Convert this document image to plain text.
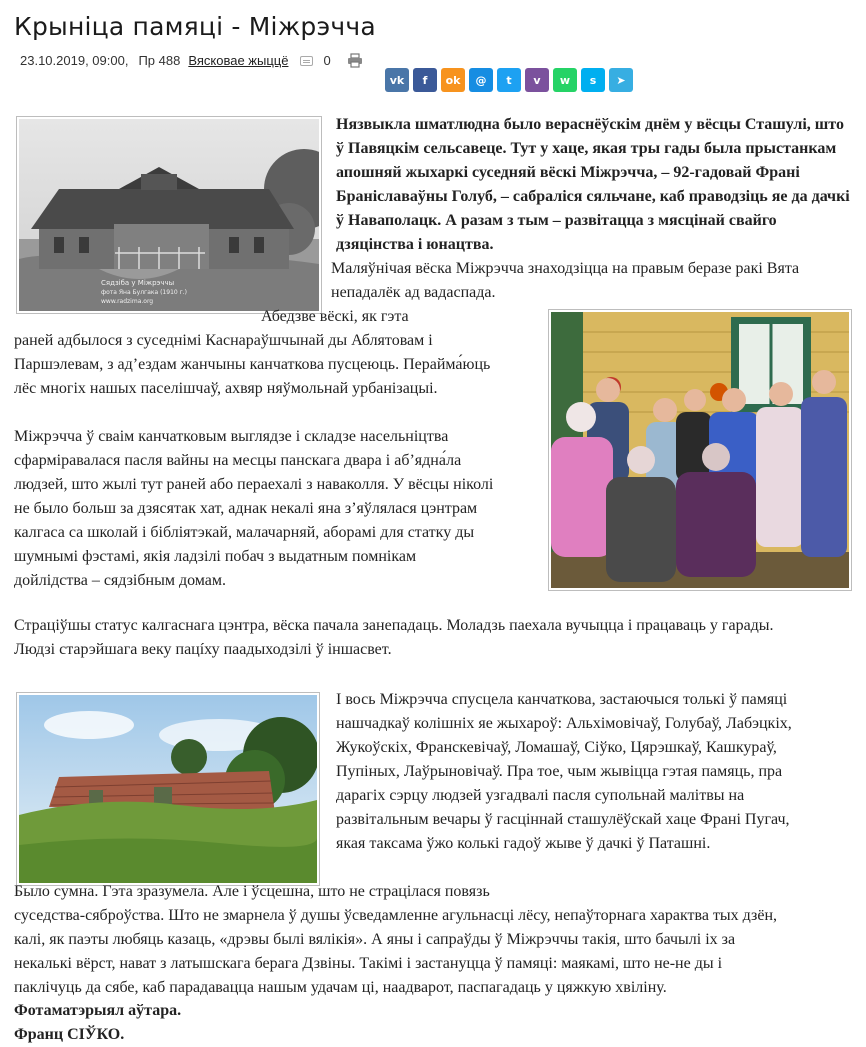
Крыніца памяці - Міжрэчча
23.10.2019, 09:00, Пр 488 Вясковае жыццё	0
vk	f	ok	@	t	v	w	s	➤
Сядзіба у Міжрэччы
фота Яна Булгака (1910 г.)
www.radzima.org
Нязвыкла шматлюдна было вераснёўскім днём у вёсцы Сташулі, што
ў Павяцкім сельсавеце. Тут у хаце, якая тры гады была прыстанкам
апошняй жыхаркі суседняй вёскі Міжрэчча, – 92-гадовай Франі
Браніславаўны Голуб, – сабраліся сяльчане, каб праводзіць яе да дачкі
ў Наваполацк. А разам з тым – развітацца з мясцінай свайго
дзяцінства і юнацтва.
Маляўнічая вёска Міжрэчча знаходзіцца на правым беразе ракі Вята
непадалёк ад вадаспада.
Абедзве вёскі, як гэта
раней адбылося з суседнімі Каснараўшчынай ды Аблятовам і
Паршэлевам, з ад’ездам жанчыны канчаткова пусцеюць. Перайма́юць
лёс многіх нашых паселішчаў, ахвяр няўмольнай урбанізацыі.
Міжрэчча ў сваім канчатковым выглядзе і складзе насельніцтва
сфарміравалася пасля вайны на месцы панскага двара і аб’ядна́ла
людзей, што жылі тут раней або пераехалі з наваколля. У вёсцы ніколі
не было больш за дзясятак хат, аднак некалі яна з’яўлялася цэнтрам
калгаса са школай і бібліятэкай, малачарняй, аборамі для статку ды
шумнымі фэстамі, якія ладзілі побач з выдатным помнікам
дойлідства – сядзібным домам.
Страціўшы статус калгаснага цэнтра, вёска пачала занепадаць. Моладзь паехала вучыцца і працаваць у гарады.
Людзі старэйшага веку пацíху паадыходзілі ў іншасвет.
І вось Міжрэчча спусцела канчаткова, застаючыся толькі ў памяці
нашчадкаў колішніх яе жыхароў: Альхімовічаў, Голубаў, Лабэцкіх,
Жукоўскіх, Франскевічаў, Ломашаў, Сіўко, Цярэшкаў, Кашкураў,
Пупіных, Лаўрыновічаў. Пра тое, чым жывіцца гэтая памяць, пра
дарагіх сэрцу людзей узгадвалі пасля супольнай малітвы на
развітальным вечары ў гасціннай сташулёўскай хаце Франі Пугач,
якая таксама ўжо колькі гадоў жыве ў дачкі ў Паташні.
Было сумна. Гэта зразумела. Але і ўсцешна, што не страцілася повязь
суседства-сяброўства. Што не змарнела ў душы ўсведамленне агульнасці лёсу, непаўторнага характва тых дзён,
калі, як паэты любяць казаць, «дрэвы былі вялікія». А яны і сапраўды ў Міжрэччы такія, што бачылі іх за
некалькі вёрст, нават з латышскага берага Дзвіны. Такімі і застануцца ў памяці: маякамі, што не-не ды і
паклічуць да сябе, каб парадавацца нашым удачам ці, наадварот, паспагадаць у цяжкую хвіліну.
Фотаматэрыял аўтара.
Франц СІЎКО.
